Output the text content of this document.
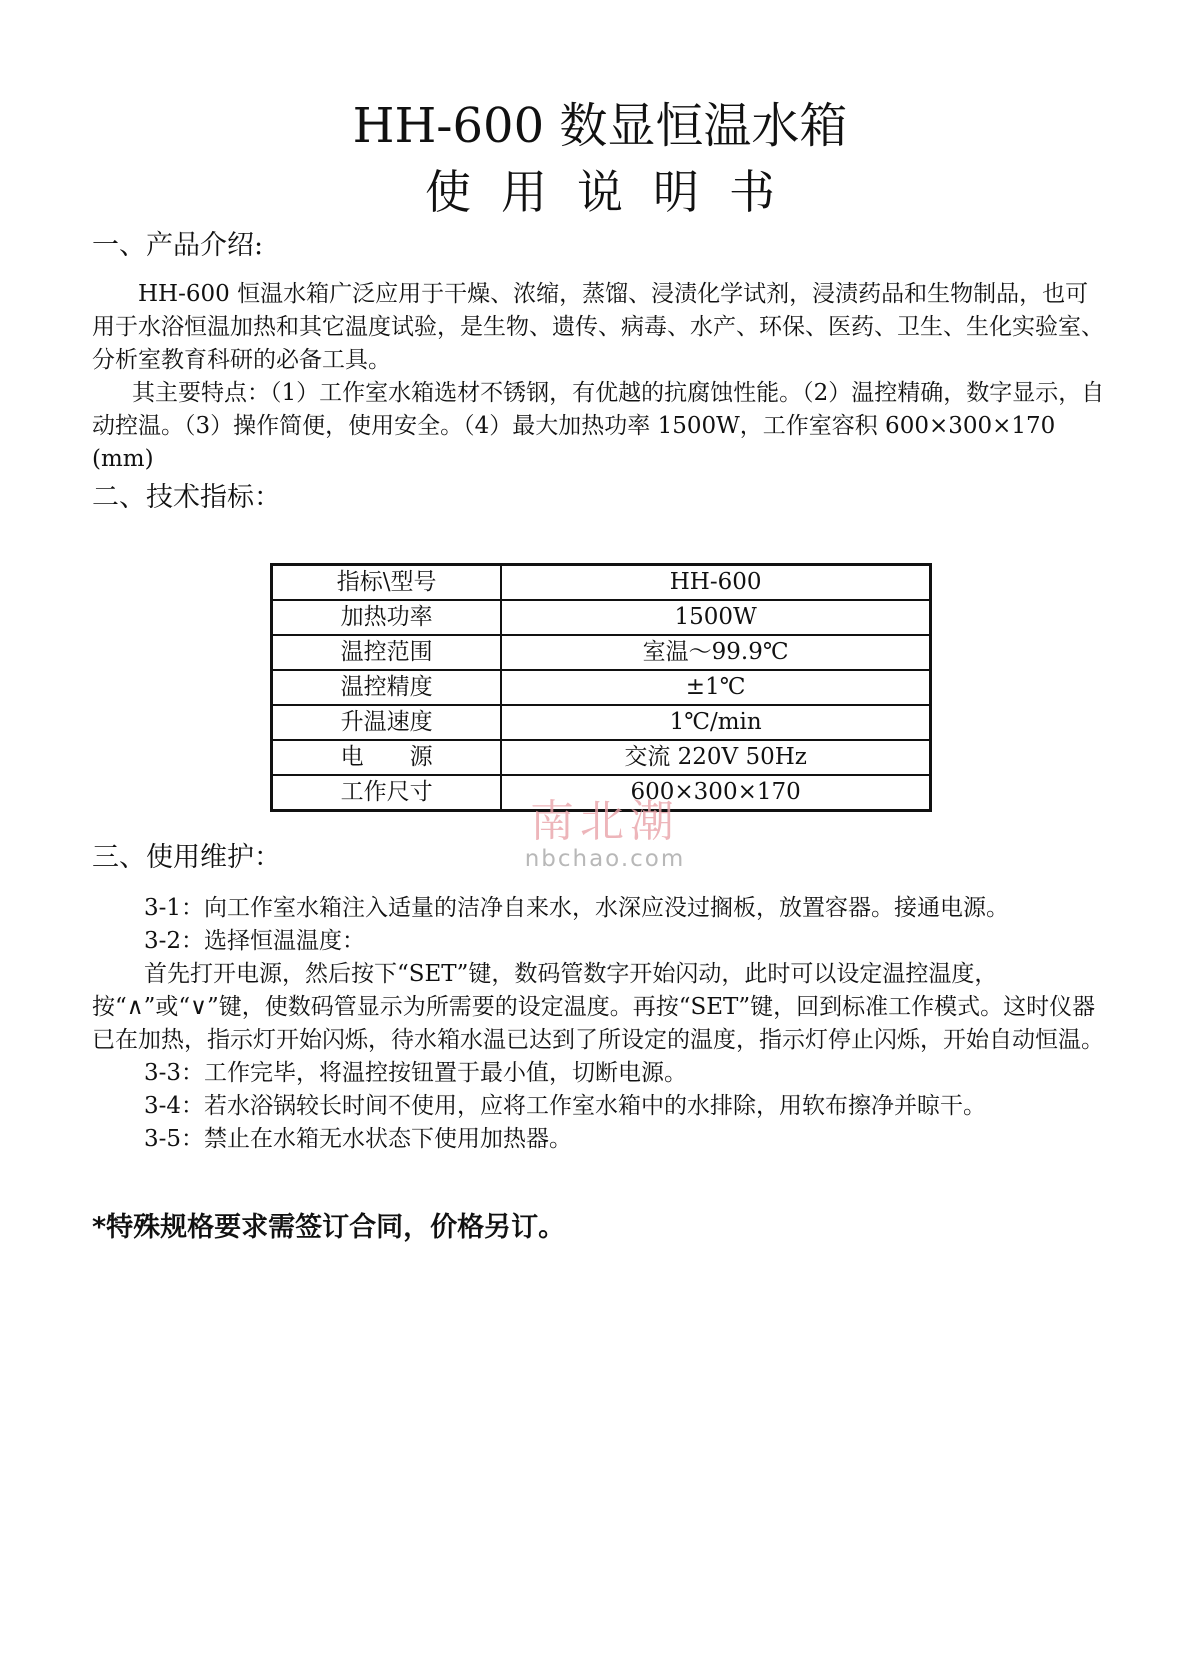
HH-600 数显恒温水箱
使用说明书
一、产品介绍:

HH-600 恒温水箱广泛应用于干燥、浓缩，蒸馏、浸渍化学试剂，浸渍药品和生物制品，也可用于水浴恒温加热和其它温度试验，是生物、遗传、病毒、水产、环保、医药、卫生、生化实验室、分析室教育科研的必备工具。

其主要特点：（1）工作室水箱选材不锈钢，有优越的抗腐蚀性能。（2）温控精确，数字显示，自动控温。（3）操作简便，使用安全。（4）最大加热功率 1500W，工作室容积 600×300×170 (mm)

二、技术指标：
指标\型号	HH-600
加热功率	1500W
温控范围	室温～99.9℃
温控精度	±1℃
升温速度	1℃/min
电　　源	交流 220V 50Hz
工作尺寸	600×300×170
南北潮
nbchao.com
三、使用维护：

3-1：向工作室水箱注入适量的洁净自来水，水深应没过搁板，放置容器。接通电源。

3-2：选择恒温温度：

首先打开电源，然后按下“SET”键，数码管数字开始闪动，此时可以设定温控温度，按“∧”或“∨”键，使数码管显示为所需要的设定温度。再按“SET”键，回到标准工作模式。这时仪器已在加热，指示灯开始闪烁，待水箱水温已达到了所设定的温度，指示灯停止闪烁，开始自动恒温。

3-3：工作完毕，将温控按钮置于最小值，切断电源。

3-4：若水浴锅较长时间不使用，应将工作室水箱中的水排除，用软布擦净并晾干。

3-5：禁止在水箱无水状态下使用加热器。

*特殊规格要求需签订合同，价格另订。
